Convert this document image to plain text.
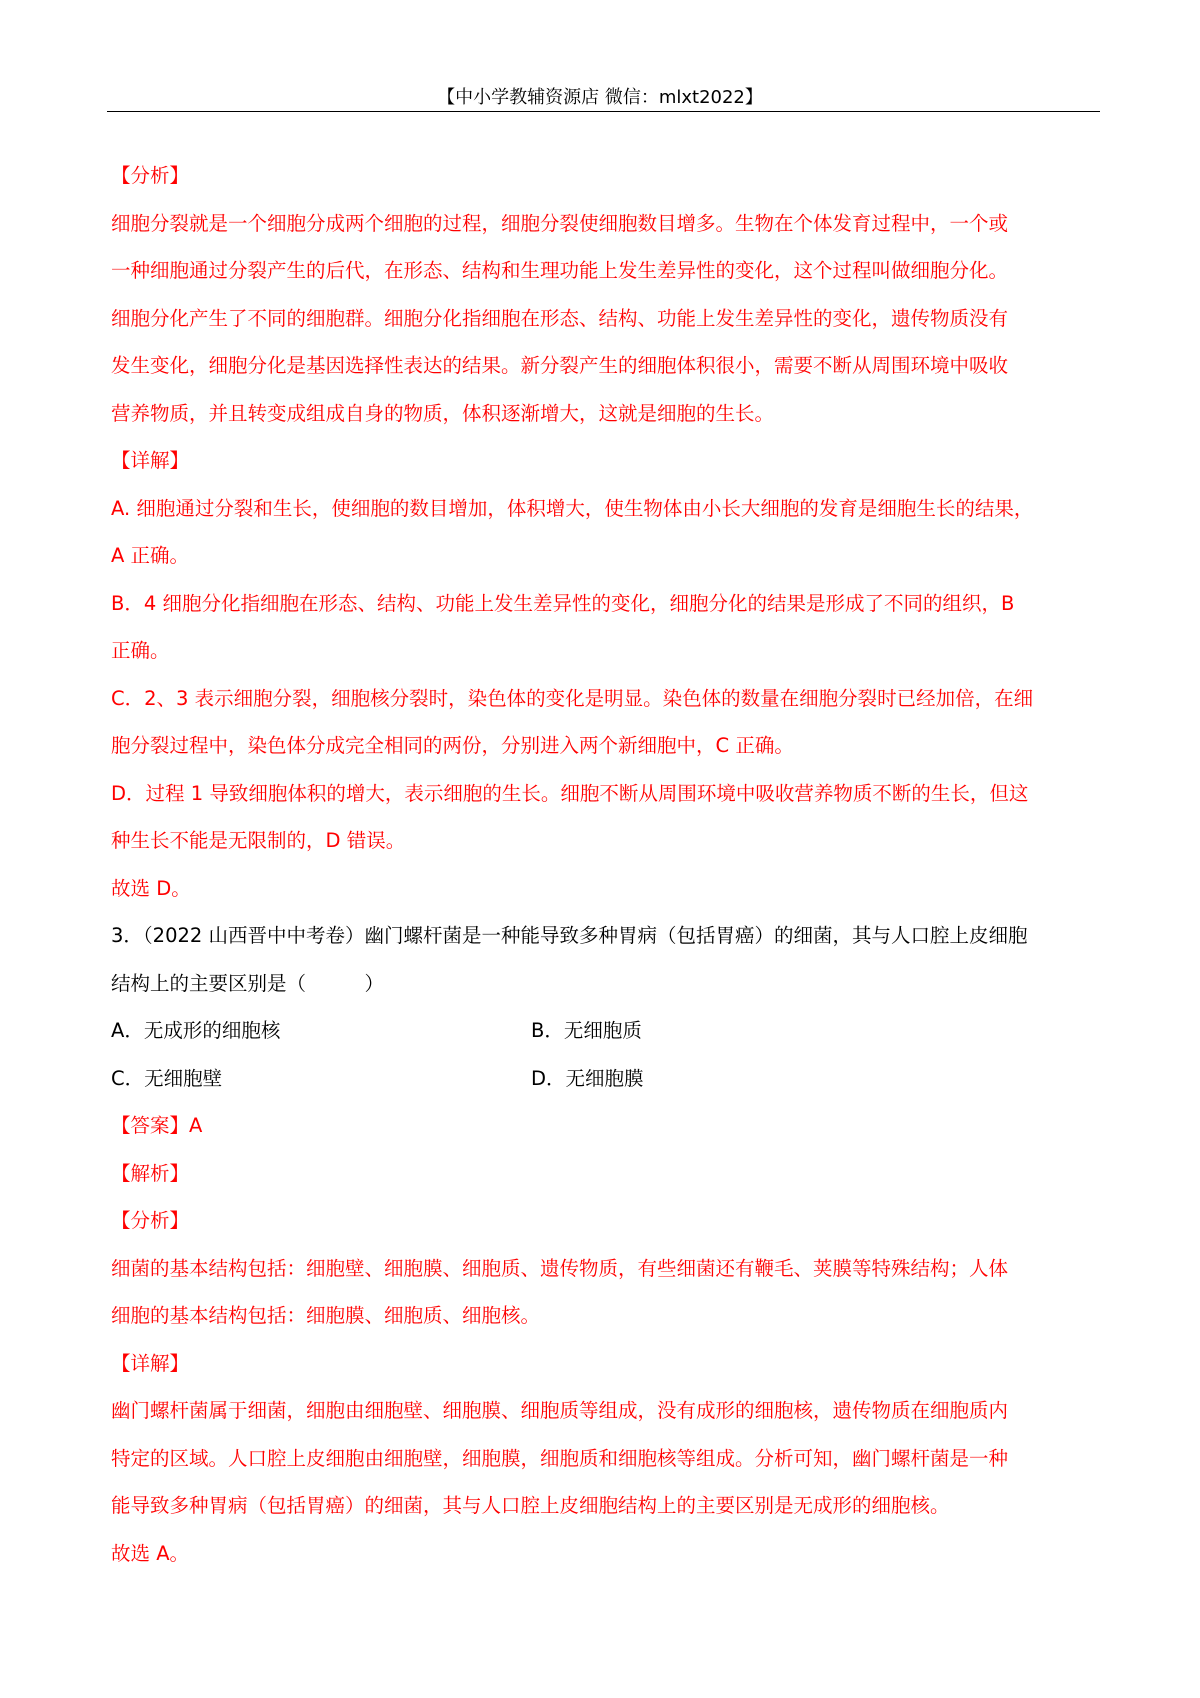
【中小学教辅资源店 微信：mlxt2022】
【分析】
细胞分裂就是一个细胞分成两个细胞的过程，细胞分裂使细胞数目增多。生物在个体发育过程中，一个或
一种细胞通过分裂产生的后代，在形态、结构和生理功能上发生差异性的变化，这个过程叫做细胞分化。
细胞分化产生了不同的细胞群。细胞分化指细胞在形态、结构、功能上发生差异性的变化，遗传物质没有
发生变化，细胞分化是基因选择性表达的结果。新分裂产生的细胞体积很小，需要不断从周围环境中吸收
营养物质，并且转变成组成自身的物质，体积逐渐增大，这就是细胞的生长。
【详解】
A. 细胞通过分裂和生长，使细胞的数目增加，体积增大，使生物体由小长大细胞的发育是细胞生长的结果，
A 正确。
B．4 细胞分化指细胞在形态、结构、功能上发生差异性的变化，细胞分化的结果是形成了不同的组织，B
正确。
C．2、3 表示细胞分裂，细胞核分裂时，染色体的变化是明显。染色体的数量在细胞分裂时已经加倍，在细
胞分裂过程中，染色体分成完全相同的两份，分别进入两个新细胞中，C 正确。
D．过程 1 导致细胞体积的增大，表示细胞的生长。细胞不断从周围环境中吸收营养物质不断的生长，但这
种生长不能是无限制的，D 错误。
故选 D。
3．（2022 山西晋中中考卷）幽门螺杆菌是一种能导致多种胃病（包括胃癌）的细菌，其与人口腔上皮细胞
结构上的主要区别是（　　　）
A．无成形的细胞核	B．无细胞质
C．无细胞壁	D．无细胞膜
【答案】A
【解析】
【分析】
细菌的基本结构包括：细胞壁、细胞膜、细胞质、遗传物质，有些细菌还有鞭毛、荚膜等特殊结构；人体
细胞的基本结构包括：细胞膜、细胞质、细胞核。
【详解】
幽门螺杆菌属于细菌，细胞由细胞壁、细胞膜、细胞质等组成，没有成形的细胞核，遗传物质在细胞质内
特定的区域。人口腔上皮细胞由细胞壁，细胞膜，细胞质和细胞核等组成。分析可知，幽门螺杆菌是一种
能导致多种胃病（包括胃癌）的细菌，其与人口腔上皮细胞结构上的主要区别是无成形的细胞核。
故选 A。
